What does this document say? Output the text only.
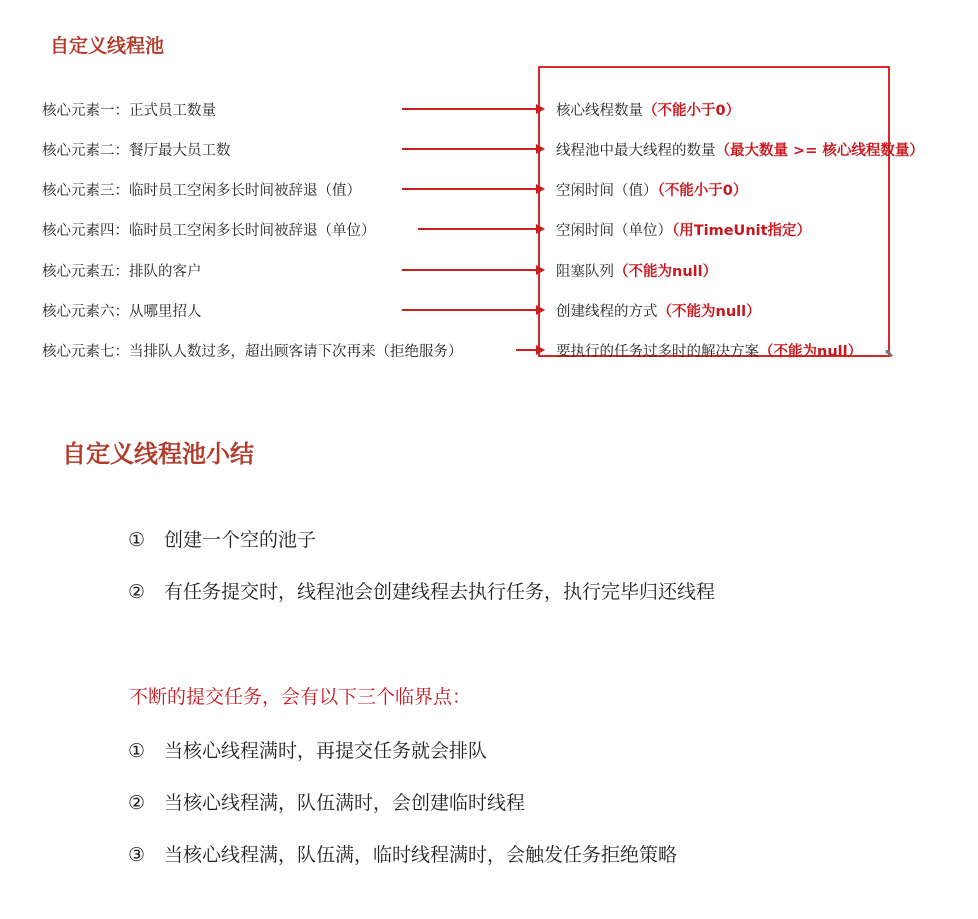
自定义线程池
核心元素一：正式员工数量	核心线程数量（不能小于0）
核心元素二：餐厅最大员工数	线程池中最大线程的数量（最大数量 >= 核心线程数量）
核心元素三：临时员工空闲多长时间被辞退（值）	空闲时间（值）（不能小于0）
核心元素四：临时员工空闲多长时间被辞退（单位）	空闲时间（单位）（用TimeUnit指定）
核心元素五：排队的客户	阻塞队列（不能为null）
核心元素六：从哪里招人	创建线程的方式（不能为null）
核心元素七：当排队人数过多，超出顾客请下次再来（拒绝服务）	要执行的任务过多时的解决方案（不能为null） ⬉
自定义线程池小结
① 创建一个空的池子
② 有任务提交时，线程池会创建线程去执行任务，执行完毕归还线程
不断的提交任务，会有以下三个临界点：
① 当核心线程满时，再提交任务就会排队
② 当核心线程满，队伍满时，会创建临时线程
③ 当核心线程满，队伍满，临时线程满时，会触发任务拒绝策略
